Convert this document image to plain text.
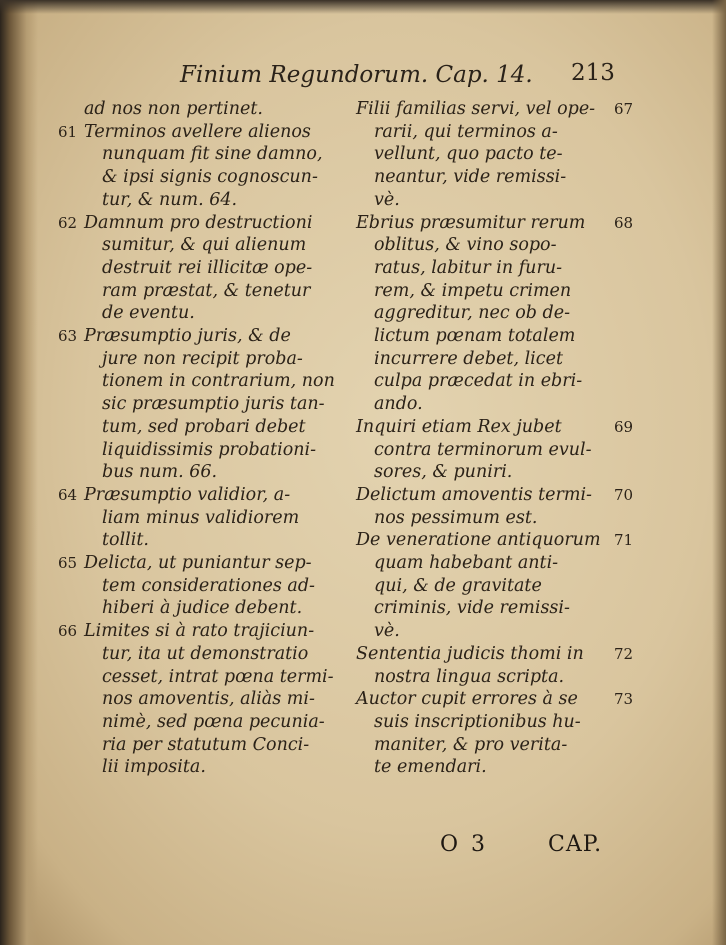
Finium Regundorum. Cap. 14. 213
ad nos non pertinet.
61 Terminos avellere alienos
nunquam fit sine damno,
& ipsi signis cognoscun-
tur, & num. 64.
62 Damnum pro destructioni
sumitur, & qui alienum
destruit rei illicitæ ope-
ram præstat, & tenetur
de eventu.
63 Præsumptio juris, & de
jure non recipit proba-
tionem in contrarium, non
sic præsumptio juris tan-
tum, sed probari debet
liquidissimis probationi-
bus num. 66.
64 Præsumptio validior, a-
liam minus validiorem
tollit.
65 Delicta, ut puniantur sep-
tem considerationes ad-
hiberi à judice debent.
66 Limites si à rato trajiciun-
tur, ita ut demonstratio
cesset, intrat pœna termi-
nos amoventis, aliàs mi-
nimè, sed pœna pecunia-
ria per statutum Conci-
lii imposita.
67
Filii familias servi, vel ope-
rarii, qui terminos a-
vellunt, quo pacto te-
neantur, vide remissi-
vè.
68
Ebrius præsumitur rerum
oblitus, & vino sopo-
ratus, labitur in furu-
rem, & impetu crimen
aggreditur, nec ob de-
lictum pœnam totalem
incurrere debet, licet
culpa præcedat in ebri-
ando.
69
Inquiri etiam Rex jubet
contra terminorum evul-
sores, & puniri.
70
Delictum amoventis termi-
nos pessimum est.
71
De veneratione antiquorum
quam habebant anti-
qui, & de gravitate
criminis, vide remissi-
vè.
72
Sententia judicis thomi in
nostra lingua scripta.
73
Auctor cupit errores à se
suis inscriptionibus hu-
maniter, & pro verita-
te emendari.
O 3	CAP.
